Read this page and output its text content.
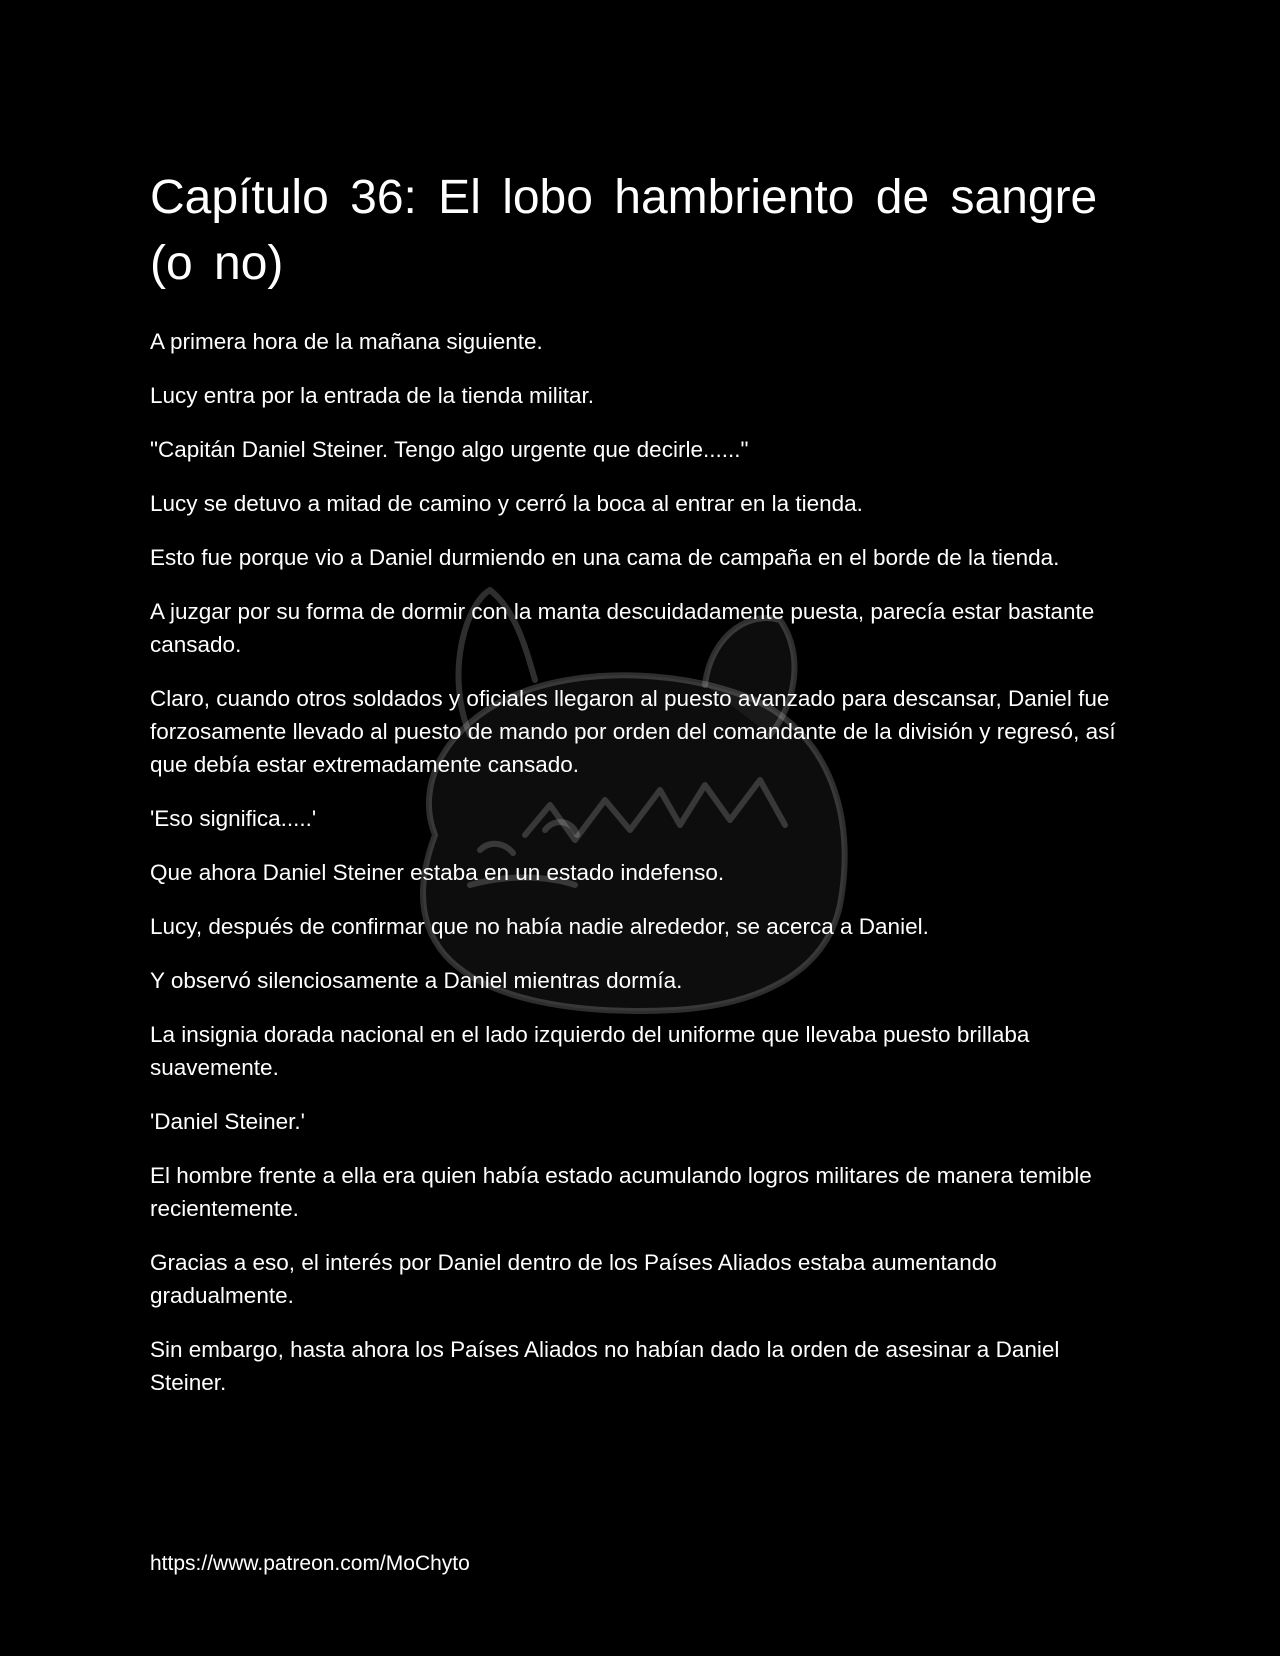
Capítulo 36: El lobo hambriento de sangre (o no)

A primera hora de la mañana siguiente.

Lucy entra por la entrada de la tienda militar.

"Capitán Daniel Steiner. Tengo algo urgente que decirle......"

Lucy se detuvo a mitad de camino y cerró la boca al entrar en la tienda.

Esto fue porque vio a Daniel durmiendo en una cama de campaña en el borde de la tienda.

A juzgar por su forma de dormir con la manta descuidadamente puesta, parecía estar bastante cansado.

Claro, cuando otros soldados y oficiales llegaron al puesto avanzado para descansar, Daniel fue forzosamente llevado al puesto de mando por orden del comandante de la división y regresó, así que debía estar extremadamente cansado.

'Eso significa.....'

Que ahora Daniel Steiner estaba en un estado indefenso.

Lucy, después de confirmar que no había nadie alrededor, se acerca a Daniel.

Y observó silenciosamente a Daniel mientras dormía.

La insignia dorada nacional en el lado izquierdo del uniforme que llevaba puesto brillaba suavemente.

'Daniel Steiner.'

El hombre frente a ella era quien había estado acumulando logros militares de manera temible recientemente.

Gracias a eso, el interés por Daniel dentro de los Países Aliados estaba aumentando gradualmente.

Sin embargo, hasta ahora los Países Aliados no habían dado la orden de asesinar a Daniel Steiner.

https://www.patreon.com/MoChyto
